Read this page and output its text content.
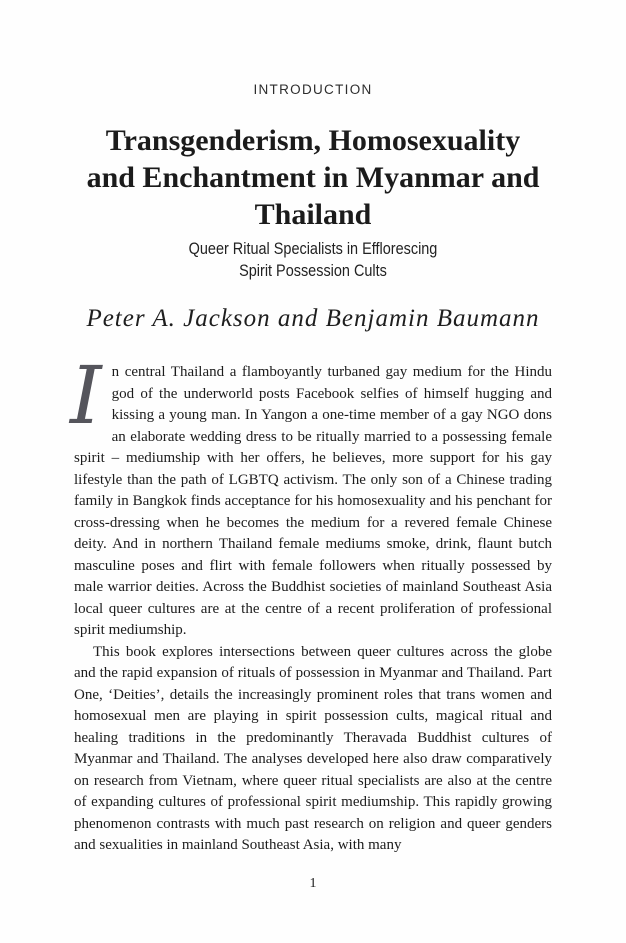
INTRODUCTION
Transgenderism, Homosexuality
and Enchantment in Myanmar and
Thailand
Queer Ritual Specialists in Efflorescing
Spirit Possession Cults
Peter A. Jackson and Benjamin Baumann

In central Thailand a flamboyantly turbaned gay medium for the Hindu god of the underworld posts Facebook selfies of himself hugging and kissing a young man. In Yangon a one-time member of a gay NGO dons an elaborate wedding dress to be ritually married to a possessing female spirit – mediumship with her offers, he believes, more support for his gay lifestyle than the path of LGBTQ activism. The only son of a Chinese trading family in Bangkok finds acceptance for his homosexuality and his penchant for cross-dressing when he becomes the medium for a revered female Chinese deity. And in northern Thailand female mediums smoke, drink, flaunt butch masculine poses and flirt with female followers when ritually possessed by male warrior deities. Across the Buddhist societies of mainland Southeast Asia local queer cultures are at the centre of a recent proliferation of professional spirit mediumship.

This book explores intersections between queer cultures across the globe and the rapid expansion of rituals of possession in Myanmar and Thailand. Part One, ‘Deities’, details the increasingly prominent roles that trans women and homosexual men are playing in spirit possession cults, magical ritual and healing traditions in the predominantly Theravada Buddhist cultures of Myanmar and Thailand. The analyses developed here also draw comparatively on research from Vietnam, where queer ritual specialists are also at the centre of expanding cultures of professional spirit mediumship. This rapidly growing phenomenon contrasts with much past research on religion and queer genders and sexualities in mainland Southeast Asia, with many

1
